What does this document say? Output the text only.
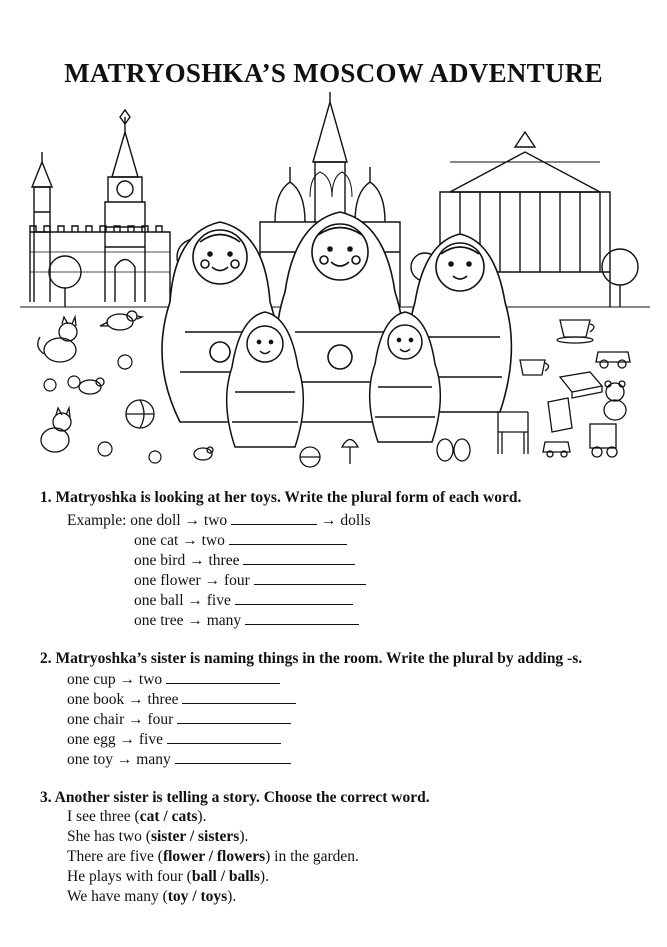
MATRYOSHKA’S MOSCOW ADVENTURE
1. Matryoshka is looking at her toys. Write the plural form of each word.
Example: one doll → two	→ dolls
one cat → two
one bird → three
one flower → four
one ball → five
one tree → many
2. Matryoshka’s sister is naming things in the room. Write the plural by adding -s.
one cup → two
one book → three
one chair → four
one egg → five
one toy → many
3. Another sister is telling a story. Choose the correct word.
I see three (cat / cats).
She has two (sister / sisters).
There are five (flower / flowers) in the garden.
He plays with four (ball / balls).
We have many (toy / toys).
